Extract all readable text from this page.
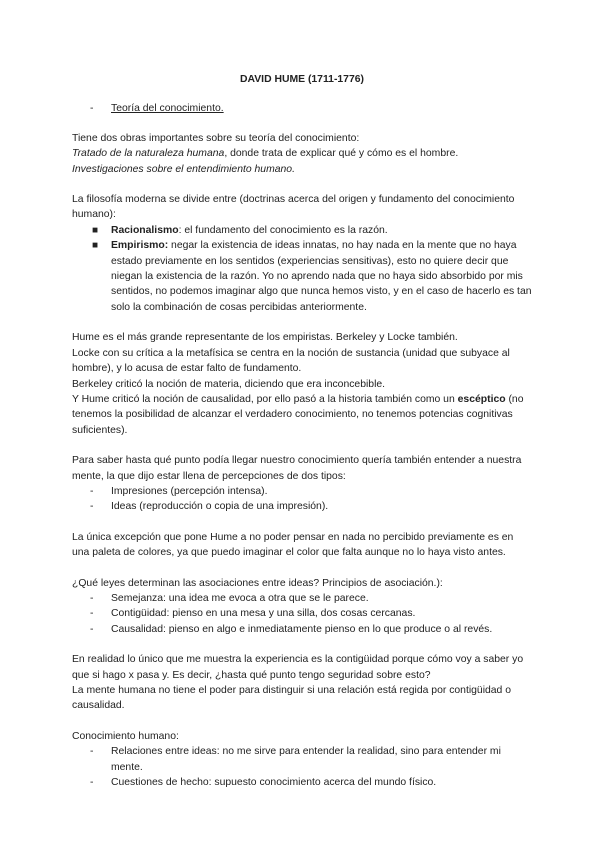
DAVID HUME (1711-1776)

- Teoría del conocimiento.

Tiene dos obras importantes sobre su teoría del conocimiento:

Tratado de la naturaleza humana, donde trata de explicar qué y cómo es el hombre.

Investigaciones sobre el entendimiento humano.

La filosofía moderna se divide entre (doctrinas acerca del origen y fundamento del conocimiento humano):

■ Racionalismo: el fundamento del conocimiento es la razón.
■ Empirismo: negar la existencia de ideas innatas, no hay nada en la mente que no haya estado previamente en los sentidos (experiencias sensitivas), esto no quiere decir que niegan la existencia de la razón. Yo no aprendo nada que no haya sido absorbido por mis sentidos, no podemos imaginar algo que nunca hemos visto, y en el caso de hacerlo es tan solo la combinación de cosas percibidas anteriormente.

Hume es el más grande representante de los empiristas. Berkeley y Locke también.

Locke con su crítica a la metafísica se centra en la noción de sustancia (unidad que subyace al hombre), y lo acusa de estar falto de fundamento.

Berkeley criticó la noción de materia, diciendo que era inconcebible.

Y Hume criticó la noción de causalidad, por ello pasó a la historia también como un escéptico (no tenemos la posibilidad de alcanzar el verdadero conocimiento, no tenemos potencias cognitivas suficientes).

Para saber hasta qué punto podía llegar nuestro conocimiento quería también entender a nuestra mente, la que dijo estar llena de percepciones de dos tipos:

- Impresiones (percepción intensa).
- Ideas (reproducción o copia de una impresión).

La única excepción que pone Hume a no poder pensar en nada no percibido previamente es en una paleta de colores, ya que puedo imaginar el color que falta aunque no lo haya visto antes.

¿Qué leyes determinan las asociaciones entre ideas? Principios de asociación.):

- Semejanza: una idea me evoca a otra que se le parece.
- Contigüidad: pienso en una mesa y una silla, dos cosas cercanas.
- Causalidad: pienso en algo e inmediatamente pienso en lo que produce o al revés.

En realidad lo único que me muestra la experiencia es la contigüidad porque cómo voy a saber yo que si hago x pasa y. Es decir, ¿hasta qué punto tengo seguridad sobre esto?

La mente humana no tiene el poder para distinguir si una relación está regida por contigüidad o causalidad.

Conocimiento humano:

- Relaciones entre ideas: no me sirve para entender la realidad, sino para entender mi mente.
- Cuestiones de hecho: supuesto conocimiento acerca del mundo físico.
